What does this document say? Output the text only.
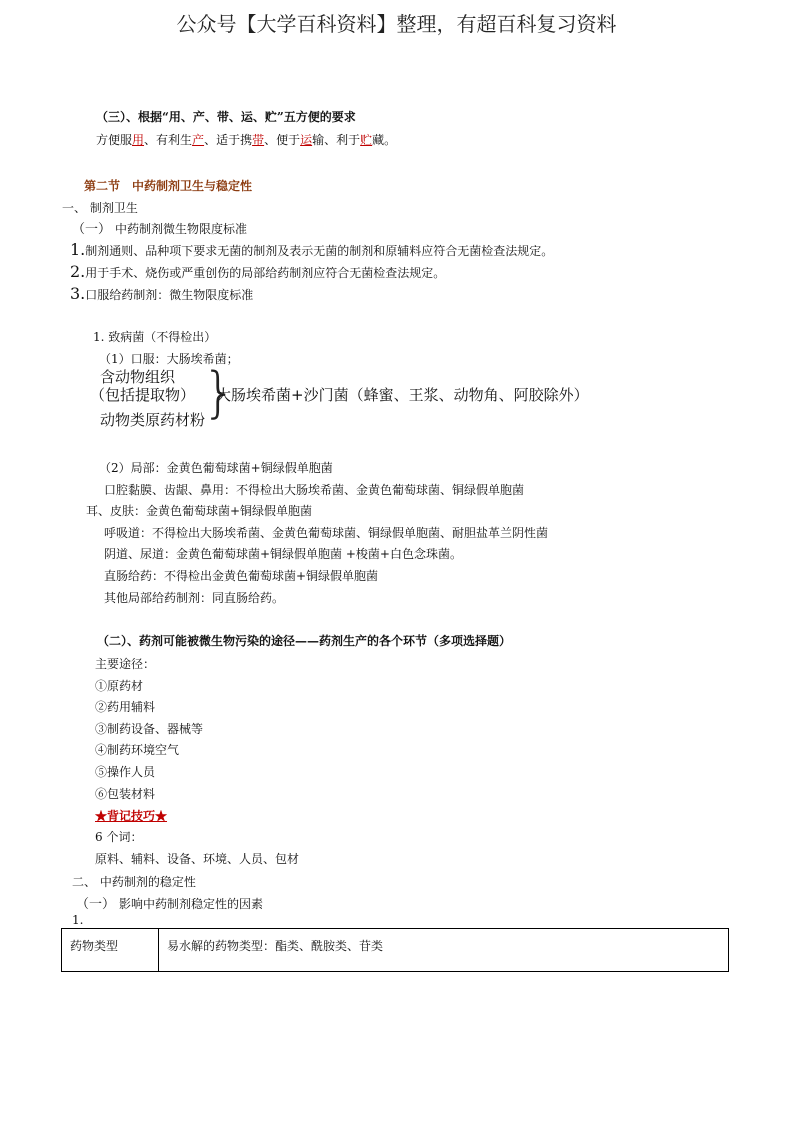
公众号【大学百科资料】整理，有超百科复习资料
（三）、根据“用、产、带、运、贮”五方便的要求
方便服用、有利生产、适于携带、便于运输、利于贮藏。
第二节　中药制剂卫生与稳定性
一、 制剂卫生
（一） 中药制剂微生物限度标准
1.制剂通则、品种项下要求无菌的制剂及表示无菌的制剂和原辅料应符合无菌检查法规定。
2.用于手术、烧伤或严重创伤的局部给药制剂应符合无菌检查法规定。
3.口服给药制剂：微生物限度标准
1. 致病菌（不得检出）
（1）口服：大肠埃希菌；
含动物组织
（包括提取物）
动物类原药材粉
}
大肠埃希菌+沙门菌（蜂蜜、王浆、动物角、阿胶除外）
（2）局部：金黄色葡萄球菌+铜绿假单胞菌
口腔黏膜、齿龈、鼻用：不得检出大肠埃希菌、金黄色葡萄球菌、铜绿假单胞菌
耳、皮肤：金黄色葡萄球菌+铜绿假单胞菌
呼吸道：不得检出大肠埃希菌、金黄色葡萄球菌、铜绿假单胞菌、耐胆盐革兰阴性菌
阴道、尿道：金黄色葡萄球菌+铜绿假单胞菌 +梭菌+白色念珠菌。
直肠给药：不得检出金黄色葡萄球菌+铜绿假单胞菌
其他局部给药制剂：同直肠给药。
（二）、药剂可能被微生物污染的途径——药剂生产的各个环节（多项选择题）
主要途径：
①原药材
②药用辅料
③制药设备、器械等
④制药环境空气
⑤操作人员
⑥包装材料
★背记技巧★
6 个词：
原料、辅料、设备、环境、人员、包材
二、 中药制剂的稳定性
（一） 影响中药制剂稳定性的因素
1.
药物类型	易水解的药物类型：酯类、酰胺类、苷类
